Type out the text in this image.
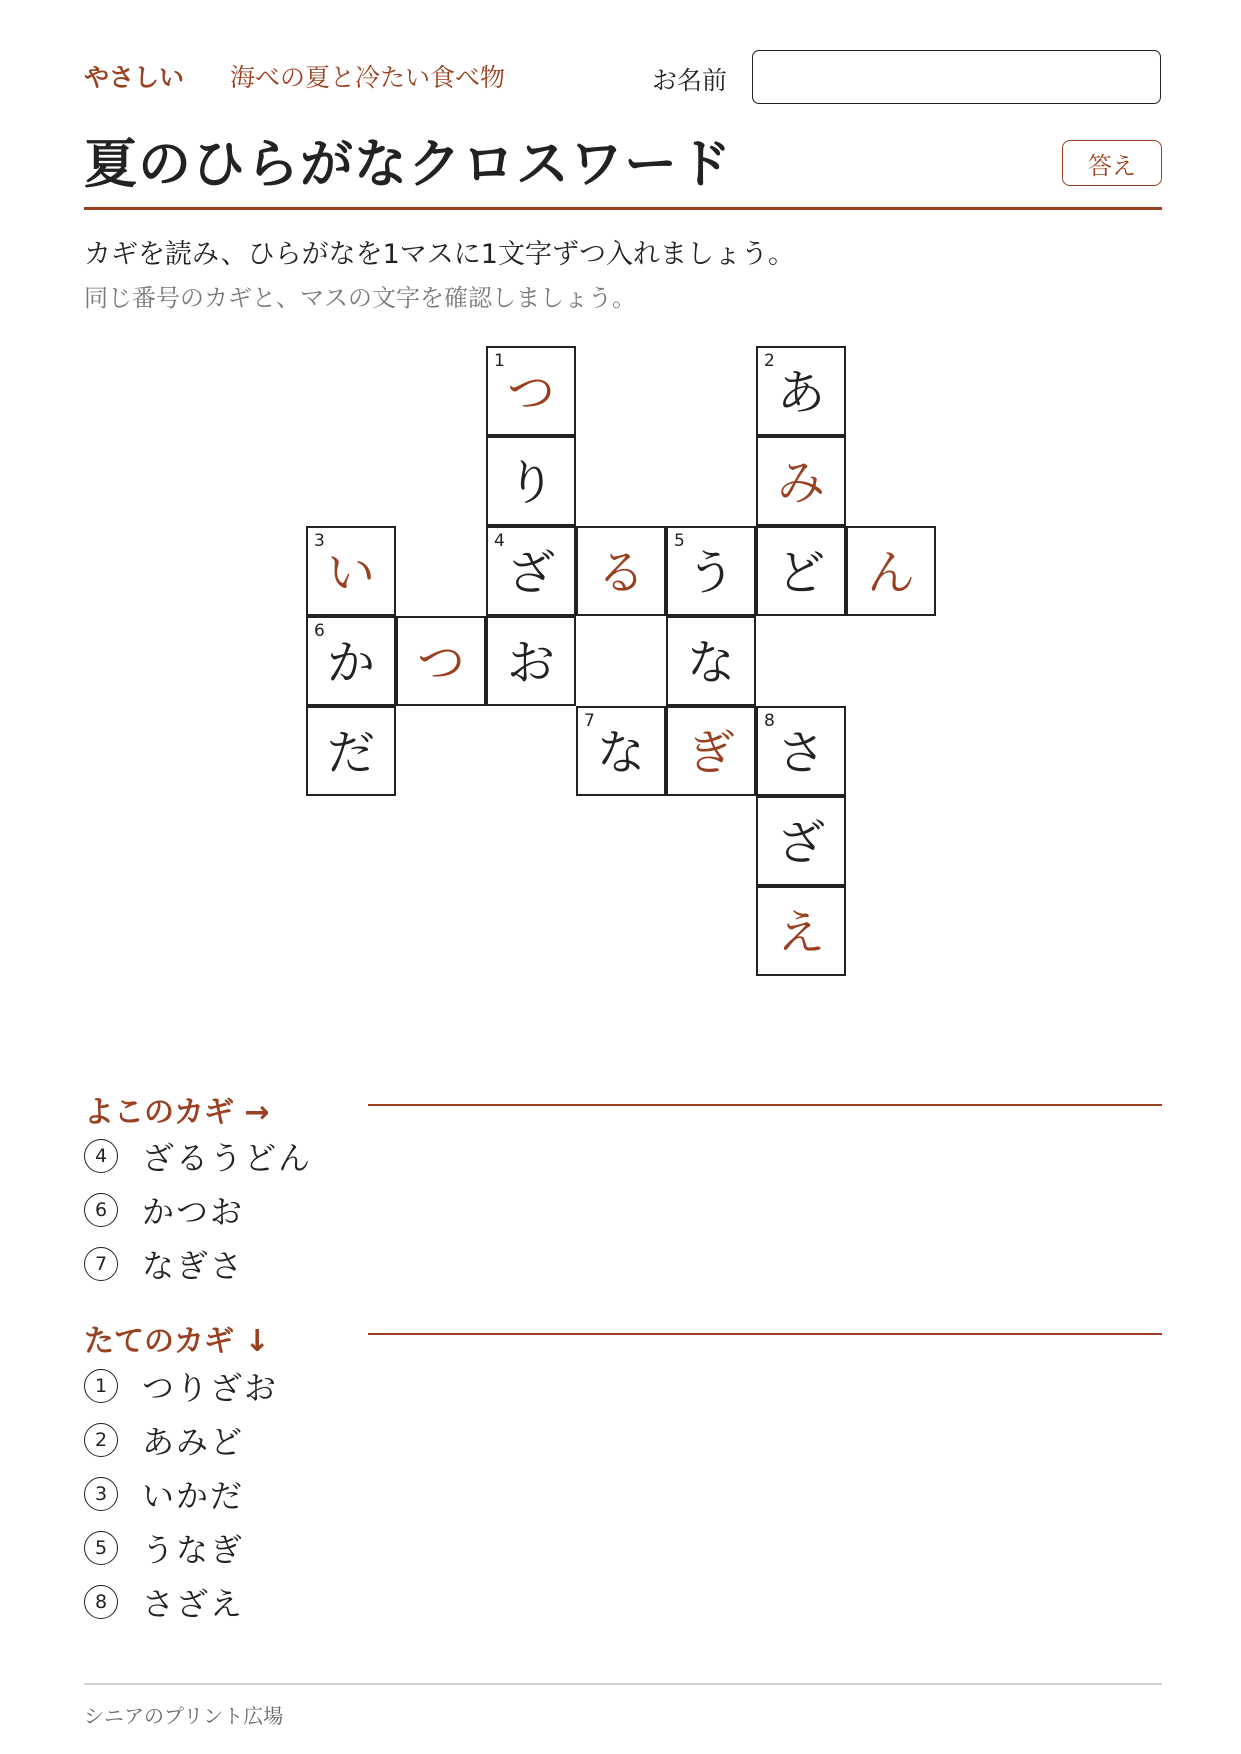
やさしい 海べの夏と冷たい食べ物	お名前
夏のひらがなクロスワード	答え
カギを読み、ひらがなを1マスに1文字ずつ入れましょう。
同じ番号のカギと、マスの文字を確認しましょう。
1
つ
2
あ
り	み
3
い
4
ざ る
5
う ど ん
6
か つ お	な
だ
7
な ぎ
8
さ
ざ
え
よこのカギ →
4	ざるうどん
6	かつお
7	なぎさ
たてのカギ ↓
1	つりざお
2	あみど
3	いかだ
5	うなぎ
8	さざえ
シニアのプリント広場
